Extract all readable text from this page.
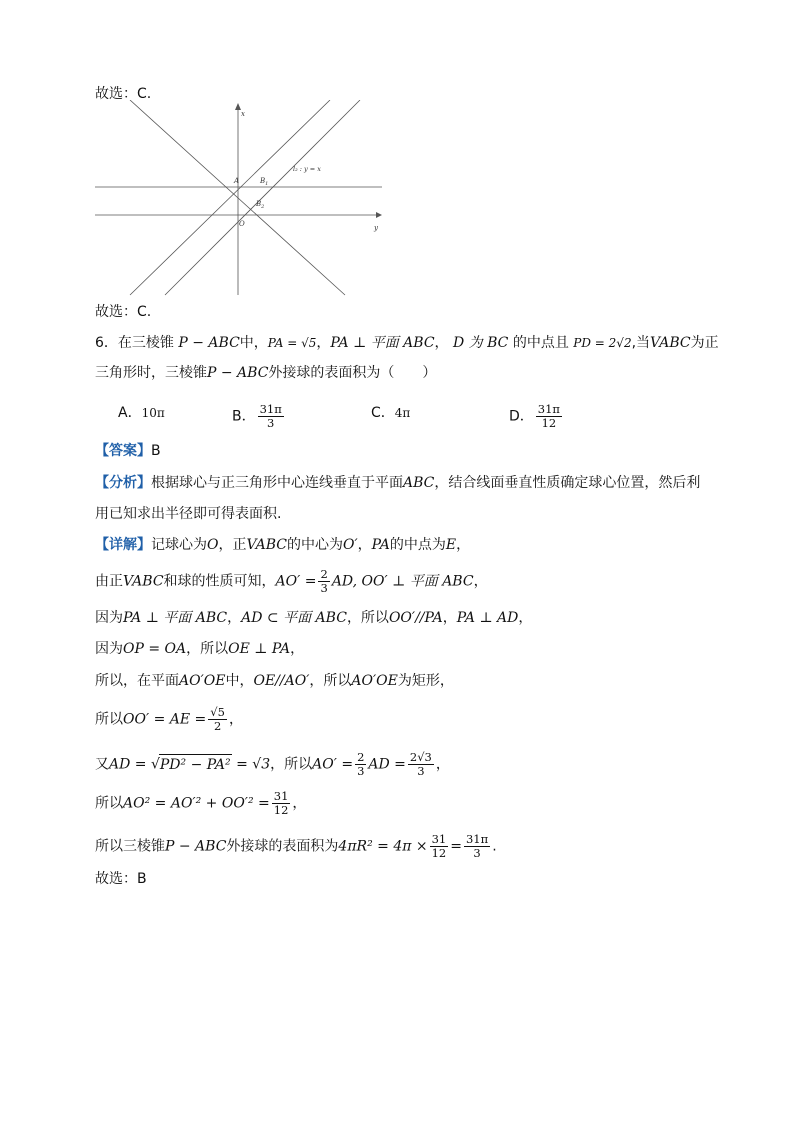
故选：C.
x
y
O
A	$B_1$
$B_2$
l₂ : y = x
故选：C.
6．在三棱锥 P − ABC中，PA = √5，PA ⊥ 平面 ABC， D 为 BC 的中点且 PD = 2√2,当VABC为正
三角形时，三棱锥P − ABC外接球的表面积为（　　）
A．10π	B． $\frac{31\pi}{3}$	C．4π	D． $\frac{31\pi}{12}$
【答案】B
【分析】根据球心与正三角形中心连线垂直于平面ABC，结合线面垂直性质确定球心位置，然后利
用已知求出半径即可得表面积.
【详解】记球心为O，正VABC的中心为O′，PA的中点为E，
由正VABC和球的性质可知，$AO' = \frac{2}{3}$ AD, OO′ ⊥ 平面 ABC，
因为PA ⊥ 平面 ABC，AD ⊂ 平面 ABC，所以OO′//PA，PA ⊥ AD，
因为OP = OA，所以OE ⊥ PA，
所以，在平面AO′OE中，OE//AO′，所以AO′OE为矩形，
所以OO′ = AE = $\frac{√5}{2}$ ，
又AD = √PD² − PA² = √3，所以$AO' = \frac{2}{3}$ AD = $\frac{2√3}{3}$ ，
所以$AO^2 = AO'^2 + OO'^2 = \frac{31}{12}$ ，
所以三棱锥P − ABC外接球的表面积为$4\pi R^2 = 4\pi \times \frac{31}{12} = \frac{31\pi}{3}$ .
故选：B
